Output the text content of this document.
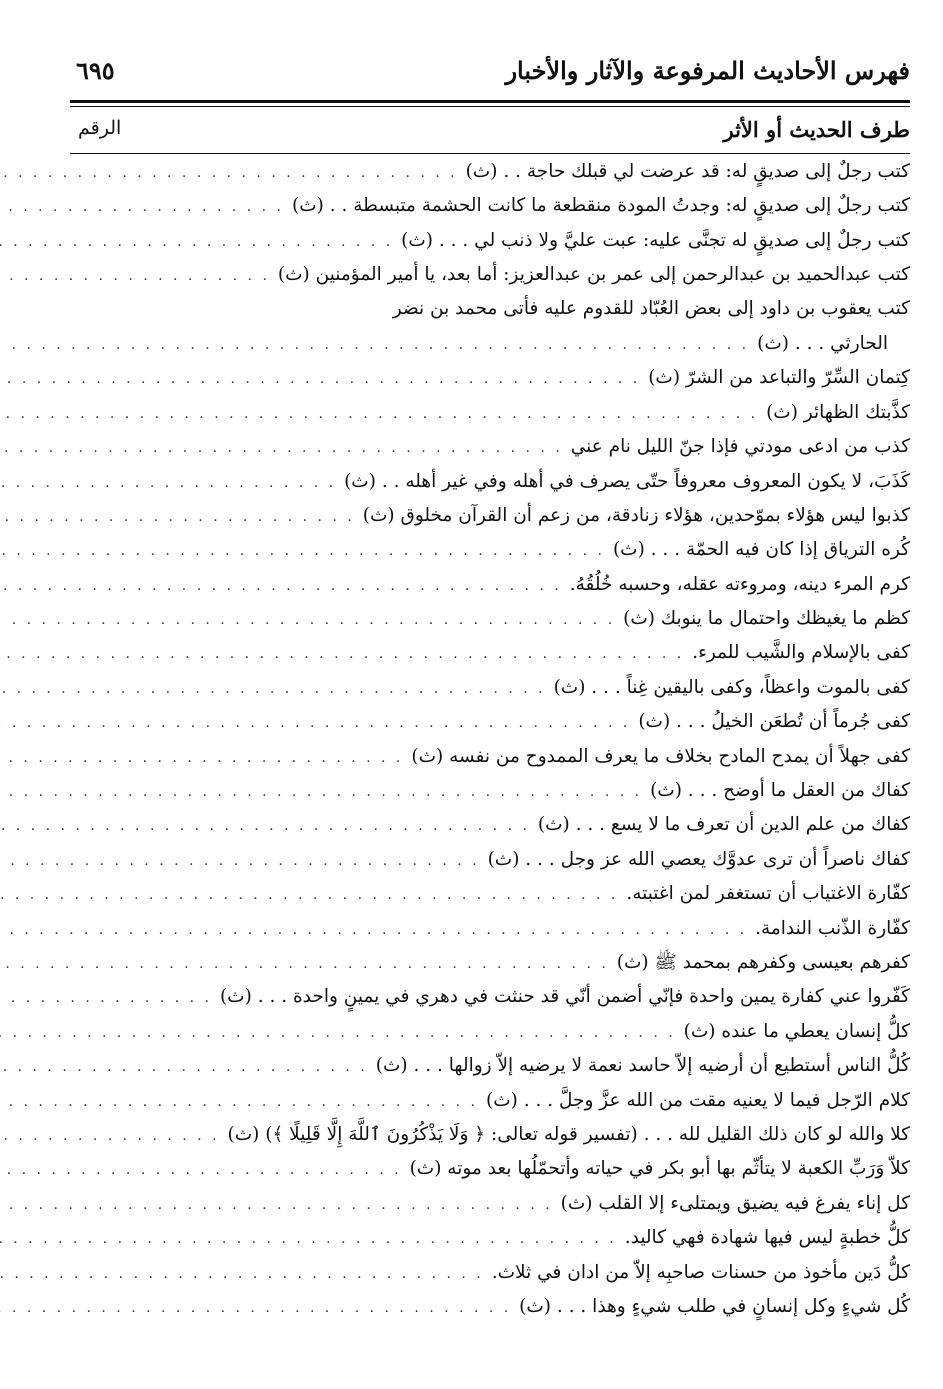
فهرس الأحاديث المرفوعة والآثار والأخبار
٦٩٥
طرف الحديث أو الأثر
الرقم
كتب رجلٌ إلى صديقٍ له: قد عرضت لي قبلك حاجة . . (ث)
. . .
كتب رجلٌ إلى صديقٍ له: وجدتُ المودة منقطعة ما كانت الحشمة متبسطة . . (ث)
. . .
كتب رجلٌ إلى صديقٍ له تجنَّى عليه: عبت عليَّ ولا ذنب لي . . . (ث)
. . .
كتب عبدالحميد بن عبدالرحمن إلى عمر بن عبدالعزيز: أما بعد، يا أمير المؤمنين (ث)
. . .
كتب يعقوب بن داود إلى بعض العُبّاد للقدوم عليه فأتى محمد بن نضر
الحارثي . . . (ث)
. . .
كِتمان السِّرّ والتباعد من الشرّ (ث)
. . .
كذَّبتك الظهائر (ث)
. . .
كذب من ادعى مودتي فإذا جنّ الليل نام عني
. . .
كَذَبَ، لا يكون المعروف معروفاً حتّى يصرف في أهله وفي غير أهله . . (ث)
. . .
كذبوا ليس هؤلاء بموّحدين، هؤلاء زنادقة، من زعم أن القرآن مخلوق (ث)
. . .
كُره الترياق إذا كان فيه الحمّة . . . (ث)
. . .
كرم المرء دينه، ومروءته عقله، وحسبه خُلُقُهُ.
. . .
كظم ما يغيظك واحتمال ما ينوبك (ث)
. . .
كفى بالإسلام والشَّيب للمرء.
. . .
كفى بالموت واعظاً، وكفى باليقين غِناً . . . (ث)
. . .
كفى جُرماً أن تُطعَن الخيلُ . . . (ث)
. . .
كفى جهلاً أن يمدح المادح بخلاف ما يعرف الممدوح من نفسه (ث)
. . .
كفاك من العقل ما أوضح . . . (ث)
. . .
كفاك من علم الدين أن تعرف ما لا يسع . . . (ث)
. . .
كفاك ناصراً أن ترى عدوَّك يعصي الله عز وجل . . . (ث)
. . .
كفّارة الاغتياب أن تستغفر لمن اغتبته.
. . .
كفّارة الذّنب الندامة.
. . .
كفرهم بعيسى وكفرهم بمحمد ﷺ (ث)
. . .
كَفّروا عني كفارة يمين واحدة فإنّي أضمن أنّي قد حنثت في دهري في يمينٍ واحدة . . . (ث)
. . .
كلُّ إنسان يعطي ما عنده (ث)
. . .
كُلُّ الناس أستطيع أن أرضيه إلاّ حاسد نعمة لا يرضيه إلاّ زوالها . . . (ث)
. . .
كلام الرّجل فيما لا يعنيه مقت من الله عزَّ وجلَّ . . . (ث)
. . .
كلا والله لو كان ذلك القليل لله . . . (تفسير قوله تعالى: ﴿ وَلَا يَذْكُرُونَ ٱللَّهَ إِلَّا قَلِيلًا ﴾) (ث)
. . .
كلاّ وَرَبِّ الكعبة لا يتأثّم بها أبو بكر في حياته وأتحمّلُها بعد موته (ث)
. . .
كل إناء يفرغ فيه يضيق ويمتلىء إلا القلب (ث)
. . .
كلُّ خطبةٍ ليس فيها شهادة فهي كاليد.
. . .
كلُّ دَين مأخوذ من حسنات صاحبِه إلاّ من ادان في ثلاث.
. . .
كُل شيءٍ وكل إنسانٍ في طلب شيءٍ وهذا . . . (ث)
. . .
